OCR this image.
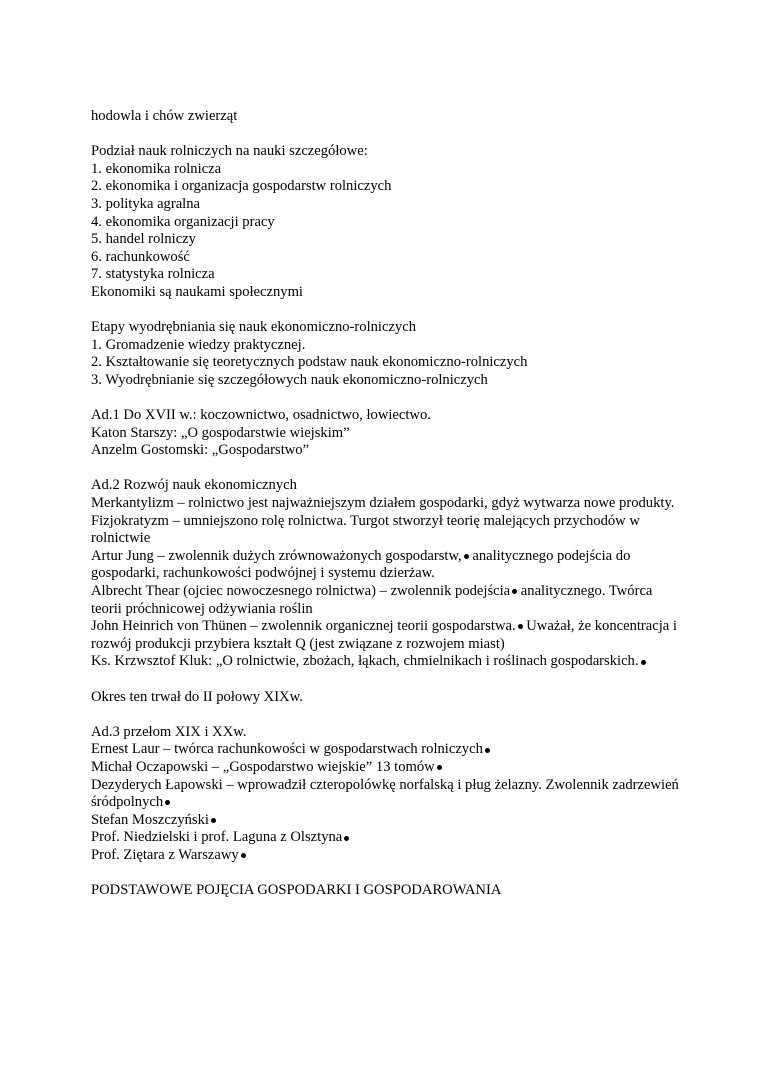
hodowla i chów zwierząt
Podział nauk rolniczych na nauki szczegółowe:
1. ekonomika rolnicza
2. ekonomika i organizacja gospodarstw rolniczych
3. polityka agralna
4. ekonomika organizacji pracy
5. handel rolniczy
6. rachunkowość
7. statystyka rolnicza
Ekonomiki są naukami społecznymi
Etapy wyodrębniania się nauk ekonomiczno-rolniczych
1. Gromadzenie wiedzy praktycznej.
2. Kształtowanie się teoretycznych podstaw nauk ekonomiczno-rolniczych
3. Wyodrębnianie się szczegółowych nauk ekonomiczno-rolniczych
Ad.1 Do XVII w.: koczownictwo, osadnictwo, łowiectwo.
Katon Starszy: „O gospodarstwie wiejskim”
Anzelm Gostomski: „Gospodarstwo”
Ad.2 Rozwój nauk ekonomicznych
Merkantylizm – rolnictwo jest najważniejszym działem gospodarki, gdyż wytwarza nowe produkty.
Fizjokratyzm – umniejszono rolę rolnictwa. Turgot stworzył teorię malejących przychodów w rolnictwie
Artur Jung – zwolennik dużych zrównoważonych gospodarstw, analitycznego podejścia do gospodarki, rachunkowości podwójnej i systemu dzierżaw.
Albrecht Thear (ojciec nowoczesnego rolnictwa) – zwolennik podejścia analitycznego. Twórca teorii próchnicowej odżywiania roślin
John Heinrich von Thünen – zwolennik organicznej teorii gospodarstwa. Uważał, że koncentracja i rozwój produkcji przybiera kształt Q (jest związane z rozwojem miast)
Ks. Krzwsztof Kluk: „O rolnictwie, zbożach, łąkach, chmielnikach i roślinach gospodarskich.
Okres ten trwał do II połowy XIXw.
Ad.3 przełom XIX i XXw.
Ernest Laur – twórca rachunkowości w gospodarstwach rolniczych
Michał Oczapowski – „Gospodarstwo wiejskie” 13 tomów
Dezyderych Łapowski – wprowadził czteropolówkę norfalską i pług żelazny. Zwolennik zadrzewień śródpolnych
Stefan Moszczyński
Prof. Niedzielski i prof. Laguna z Olsztyna
Prof. Ziętara z Warszawy
PODSTAWOWE POJĘCIA GOSPODARKI I GOSPODAROWANIA
